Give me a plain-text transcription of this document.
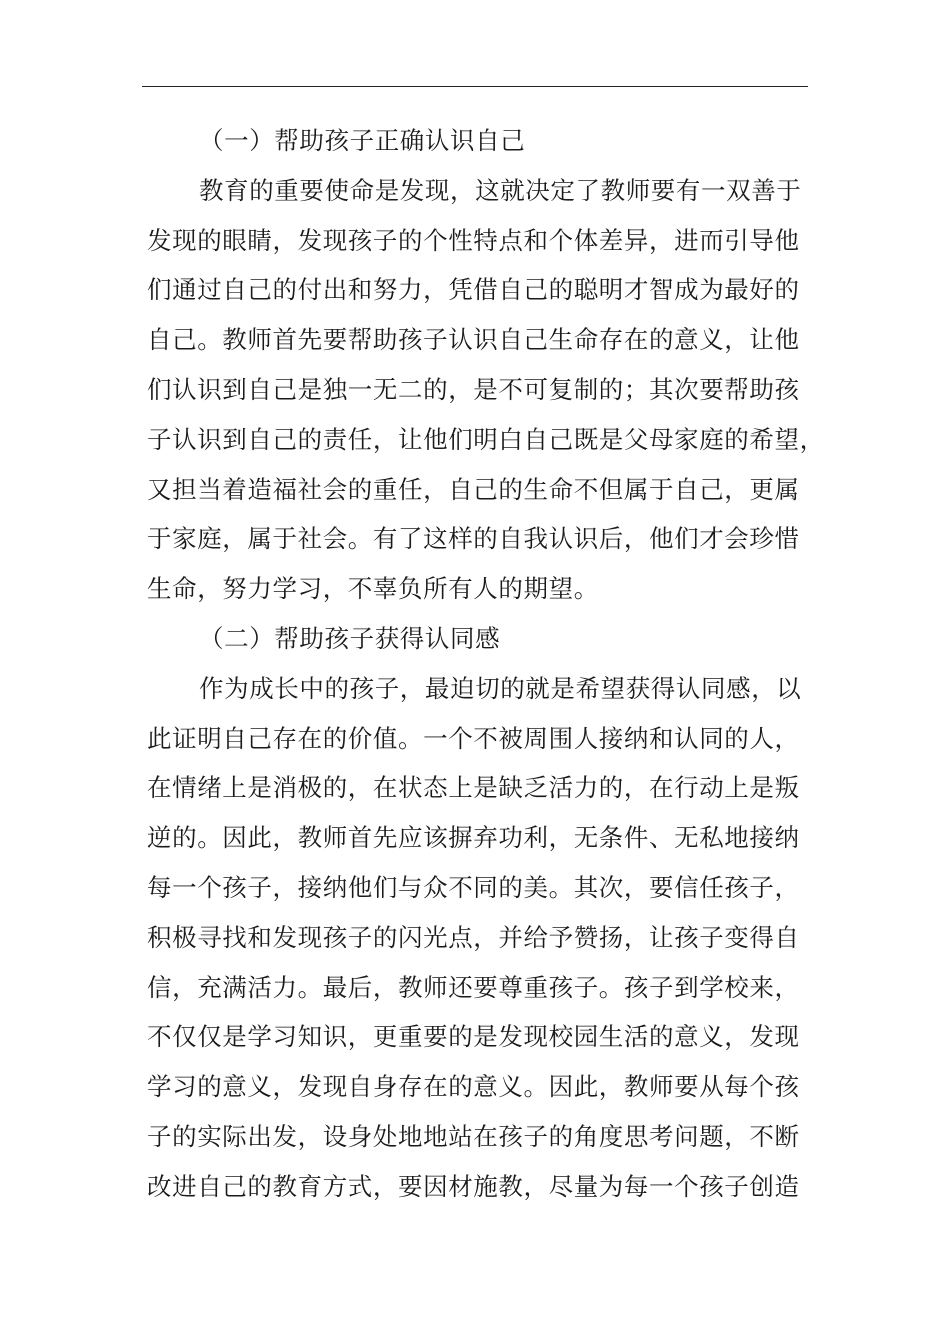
（一）帮助孩子正确认识自己

教育的重要使命是发现，这就决定了教师要有一双善于
发现的眼睛，发现孩子的个性特点和个体差异，进而引导他
们通过自己的付出和努力，凭借自己的聪明才智成为最好的
自己。教师首先要帮助孩子认识自己生命存在的意义，让他
们认识到自己是独一无二的，是不可复制的；其次要帮助孩
子认识到自己的责任，让他们明白自己既是父母家庭的希望，
又担当着造福社会的重任，自己的生命不但属于自己，更属
于家庭，属于社会。有了这样的自我认识后，他们才会珍惜
生命，努力学习，不辜负所有人的期望。

（二）帮助孩子获得认同感

作为成长中的孩子，最迫切的就是希望获得认同感，以
此证明自己存在的价值。一个不被周围人接纳和认同的人，
在情绪上是消极的，在状态上是缺乏活力的，在行动上是叛
逆的。因此，教师首先应该摒弃功利，无条件、无私地接纳
每一个孩子，接纳他们与众不同的美。其次，要信任孩子，
积极寻找和发现孩子的闪光点，并给予赞扬，让孩子变得自
信，充满活力。最后，教师还要尊重孩子。孩子到学校来，
不仅仅是学习知识，更重要的是发现校园生活的意义，发现
学习的意义，发现自身存在的意义。因此，教师要从每个孩
子的实际出发，设身处地地站在孩子的角度思考问题，不断
改进自己的教育方式，要因材施教，尽量为每一个孩子创造
